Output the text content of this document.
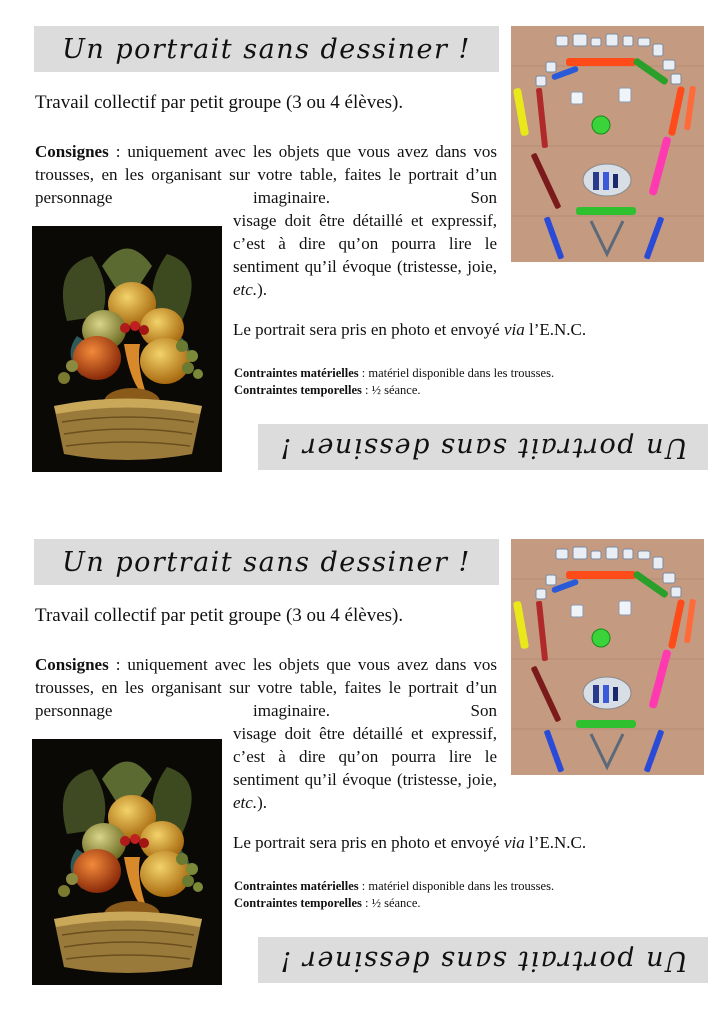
Un portrait sans dessiner !
Travail collectif par petit groupe (3 ou 4 élèves).
Consignes : uniquement avec les objets que vous avez dans vos trousses, en les organisant sur votre table, faites le portrait d’un personnage imaginaire. Son
visage doit être détaillé et expressif, c’est à dire qu’on pourra lire le sentiment qu’il évoque (tristesse, joie, etc.).
Le portrait sera pris en photo et envoyé via l’E.N.C.
Contraintes matérielles : matériel disponible dans les trousses.
Contraintes temporelles : ½ séance.
Un portrait sans dessiner !
Un portrait sans dessiner !
Travail collectif par petit groupe (3 ou 4 élèves).
Consignes : uniquement avec les objets que vous avez dans vos trousses, en les organisant sur votre table, faites le portrait d’un personnage imaginaire. Son
visage doit être détaillé et expressif, c’est à dire qu’on pourra lire le sentiment qu’il évoque (tristesse, joie, etc.).
Le portrait sera pris en photo et envoyé via l’E.N.C.
Contraintes matérielles : matériel disponible dans les trousses.
Contraintes temporelles : ½ séance.
Un portrait sans dessiner !
